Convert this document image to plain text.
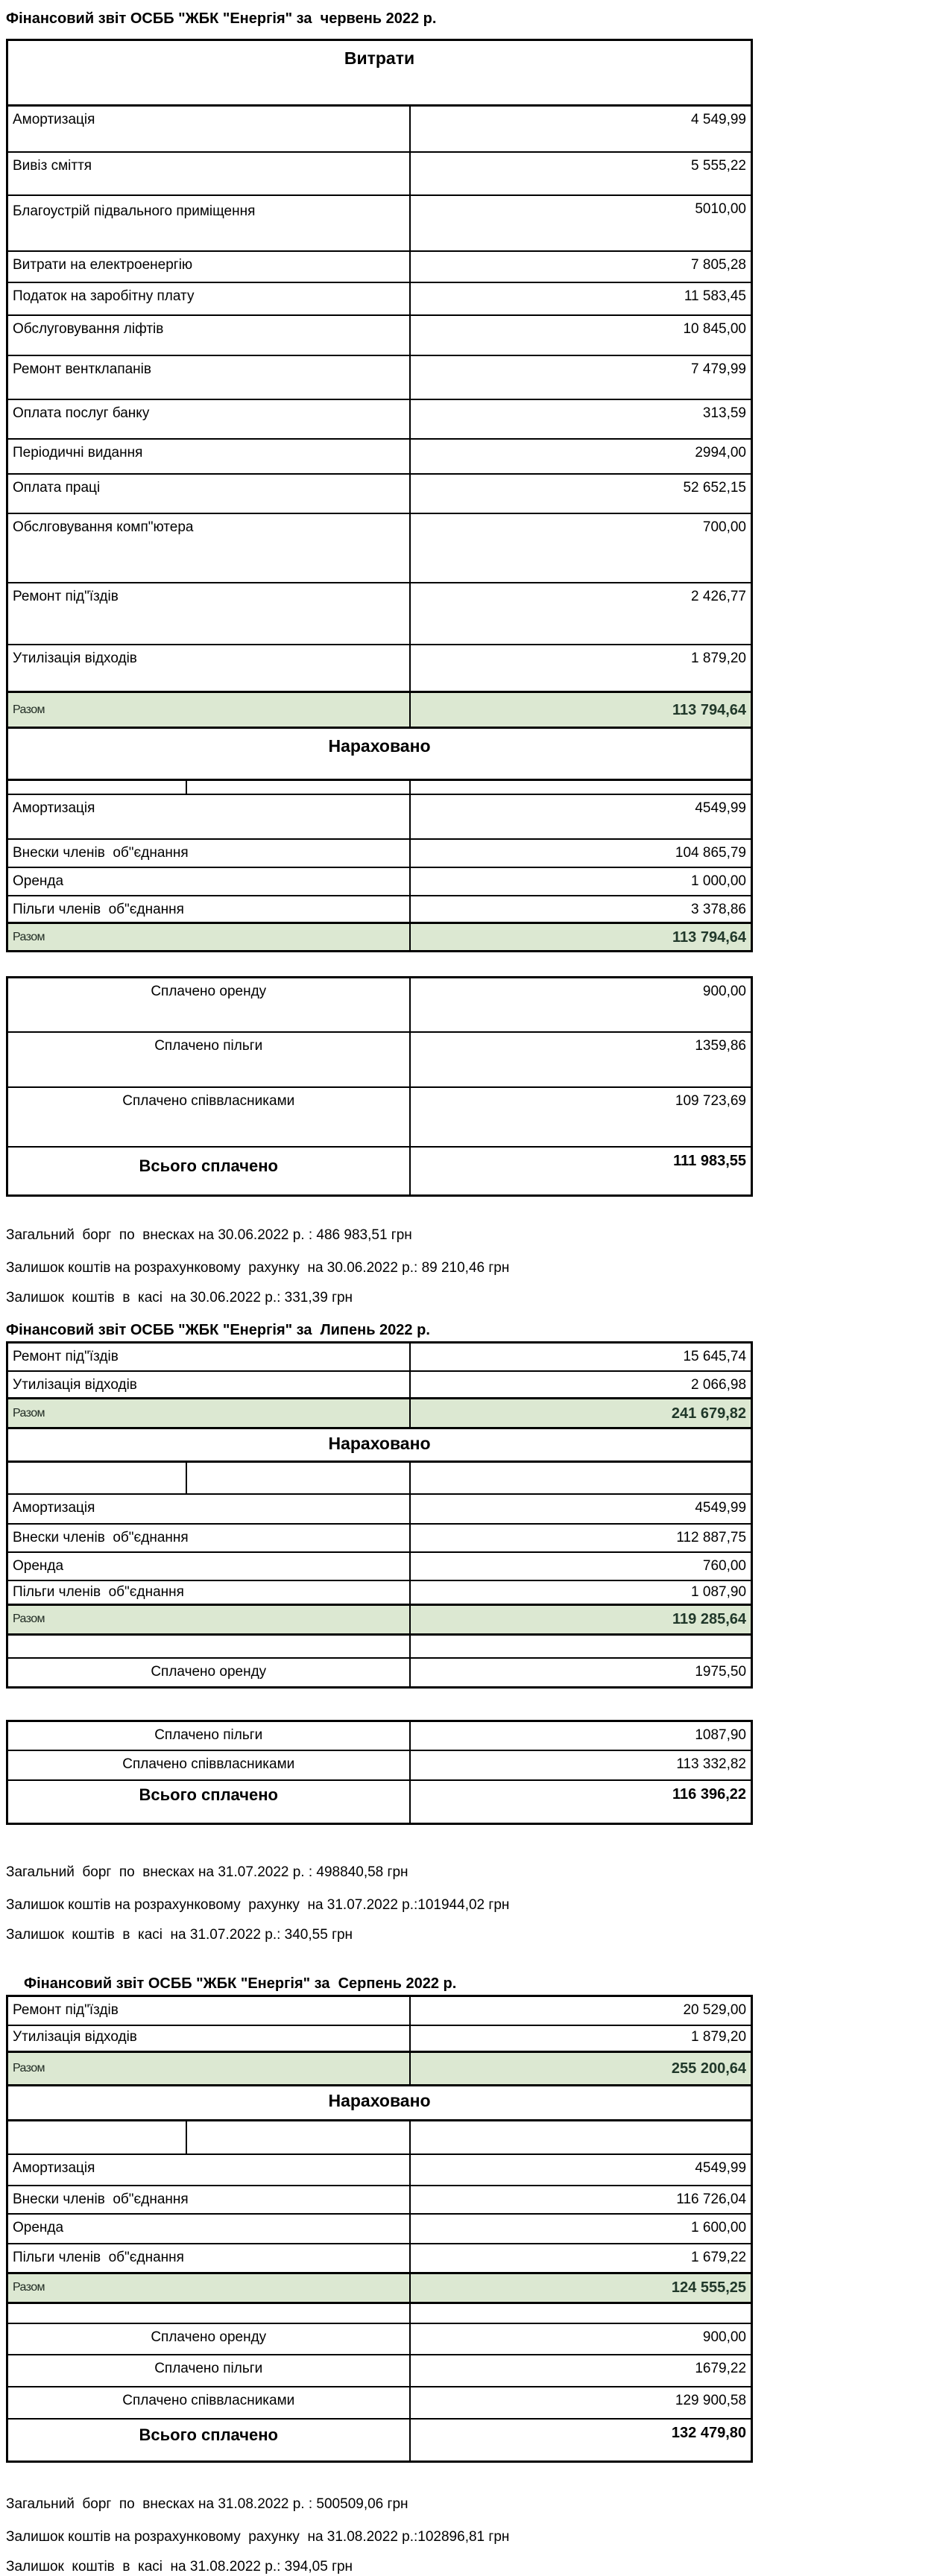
Фінансовий звіт ОСББ "ЖБК "Енергія" за  червень 2022 р.
Витрати		
Амортизація		4 549,99
Вивіз сміття		5 555,22
Благоустрій підвального приміщення		5010,00
Витрати на електроенергію		7 805,28
Податок на заробітну плату		11 583,45
Обслуговування ліфтів		10 845,00
Ремонт вентклапанів		7 479,99
Оплата послуг банку		313,59
Періодичні видання		2994,00
Оплата праці		52 652,15
Обслговування комп"ютера		700,00
Ремонт під"їздів		2 426,77
Утилізація відходів		1 879,20
Разом		113 794,64
Нараховано		

Амортизація		4549,99
Внески членів  об"єднання		104 865,79
Оренда		1 000,00
Пільги членів  об"єднання		3 378,86
Разом		113 794,64
Сплачено оренду	900,00
Сплачено пільги	1359,86
Сплачено співвласниками	109 723,69
Всього сплачено	111 983,55
Загальний  борг  по  внесках на 30.06.2022 р. : 486 983,51 грн
Залишок коштів на розрахунковому  рахунку  на 30.06.2022 р.: 89 210,46 грн
Залишок  коштів  в  касі  на 30.06.2022 р.: 331,39 грн
Фінансовий звіт ОСББ "ЖБК "Енергія" за  Липень 2022 р.
Ремонт під"їздів		15 645,74
Утилізація відходів		2 066,98
Разом		241 679,82
Нараховано		

Амортизація		4549,99
Внески членів  об"єднання		112 887,75
Оренда		760,00
Пільги членів  об"єднання		1 087,90
Разом		119 285,64

Сплачено оренду		1975,50
Сплачено пільги	1087,90
Сплачено співвласниками	113 332,82
Всього сплачено	116 396,22
Загальний  борг  по  внесках на 31.07.2022 р. : 498840,58 грн
Залишок коштів на розрахунковому  рахунку  на 31.07.2022 р.:101944,02 грн
Залишок  коштів  в  касі  на 31.07.2022 р.: 340,55 грн
Фінансовий звіт ОСББ "ЖБК "Енергія" за  Серпень 2022 р.
Ремонт під"їздів		20 529,00
Утилізація відходів		1 879,20
Разом		255 200,64
Нараховано		

Амортизація		4549,99
Внески членів  об"єднання		116 726,04
Оренда		1 600,00
Пільги членів  об"єднання		1 679,22
Разом		124 555,25

Сплачено оренду		900,00
Сплачено пільги		1679,22
Сплачено співвласниками		129 900,58
Всього сплачено		132 479,80
Загальний  борг  по  внесках на 31.08.2022 р. : 500509,06 грн
Залишок коштів на розрахунковому  рахунку  на 31.08.2022 р.:102896,81 грн
Залишок  коштів  в  касі  на 31.08.2022 р.: 394,05 грн
